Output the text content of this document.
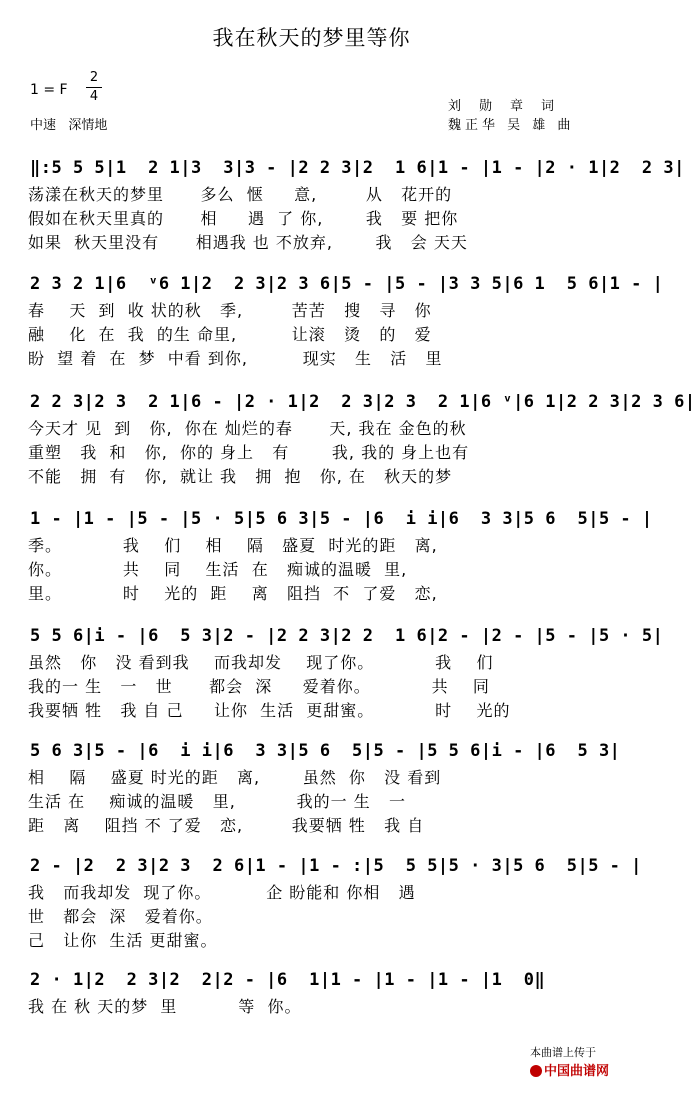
我在秋天的梦里等你
1 = F
2
4
中速   深情地
刘勋章词
魏正华 吴 雄 曲
‖:5 5 5|1  2 1|3  3|3 - |2 2 3|2  1 6|1 - |1 - |2 · 1|2  2 3|
荡漾在秋天的梦里      多么  惬     意,        从   花开的
假如在秋天里真的      相     遇  了 你,       我   要 把你
如果  秋天里没有      相遇我 也 不放弃,       我   会 天天
2 3 2 1|6  ᵛ6 1|2  2 3|2 3 6|5 - |5 - |3 3 5|6 1  5 6|1 - |
春    天  到  收 状的秋   季,        苦苦   搜   寻   你
融    化  在  我  的生 命里,         让滚   烫   的   爱
盼  望 着  在  梦  中看 到你,         现实   生   活   里
2 2 3|2 3  2 1|6 - |2 · 1|2  2 3|2 3  2 1|6 ᵛ|6 1|2 2 3|2 3 6|
今天才 见  到   你,  你在 灿烂的春      天, 我在 金色的秋
重塑   我  和   你,  你的 身上   有       我, 我的 身上也有
不能   拥  有   你,  就让 我   拥  抱   你, 在   秋天的梦
1 - |1 - |5 - |5 · 5|5 6 3|5 - |6  i i|6  3 3|5 6  5|5 - |
季。          我    们    相    隔   盛夏  时光的距   离,
你。          共    同    生活  在   痴诚的温暖  里,
里。          时    光的  距    离   阻挡  不  了爱   恋,
5 5 6|i - |6  5 3|2 - |2 2 3|2 2  1 6|2 - |2 - |5 - |5 · 5|
虽然   你   没 看到我    而我却发    现了你。          我    们
我的一 生   一   世      都会  深     爱着你。          共    同
我要牺 牲   我 自 己     让你  生活  更甜蜜。          时    光的
5 6 3|5 - |6  i i|6  3 3|5 6  5|5 - |5 5 6|i - |6  5 3|
相    隔    盛夏 时光的距   离,       虽然  你   没 看到
生活 在    痴诚的温暖   里,          我的一 生   一
距   离    阻挡 不 了爱   恋,        我要牺 牲   我 自
2 - |2  2 3|2 3  2 6|1 - |1 - :|5  5 5|5 · 3|5 6  5|5 - |
我   而我却发  现了你。         企 盼能和 你相   遇
世   都会  深   爱着你。
己   让你  生活 更甜蜜。
2 · 1|2  2 3|2  2|2 - |6  1|1 - |1 - |1 - |1  0‖
我 在 秋 天的梦  里          等  你。

本曲谱上传于
中国曲谱网
